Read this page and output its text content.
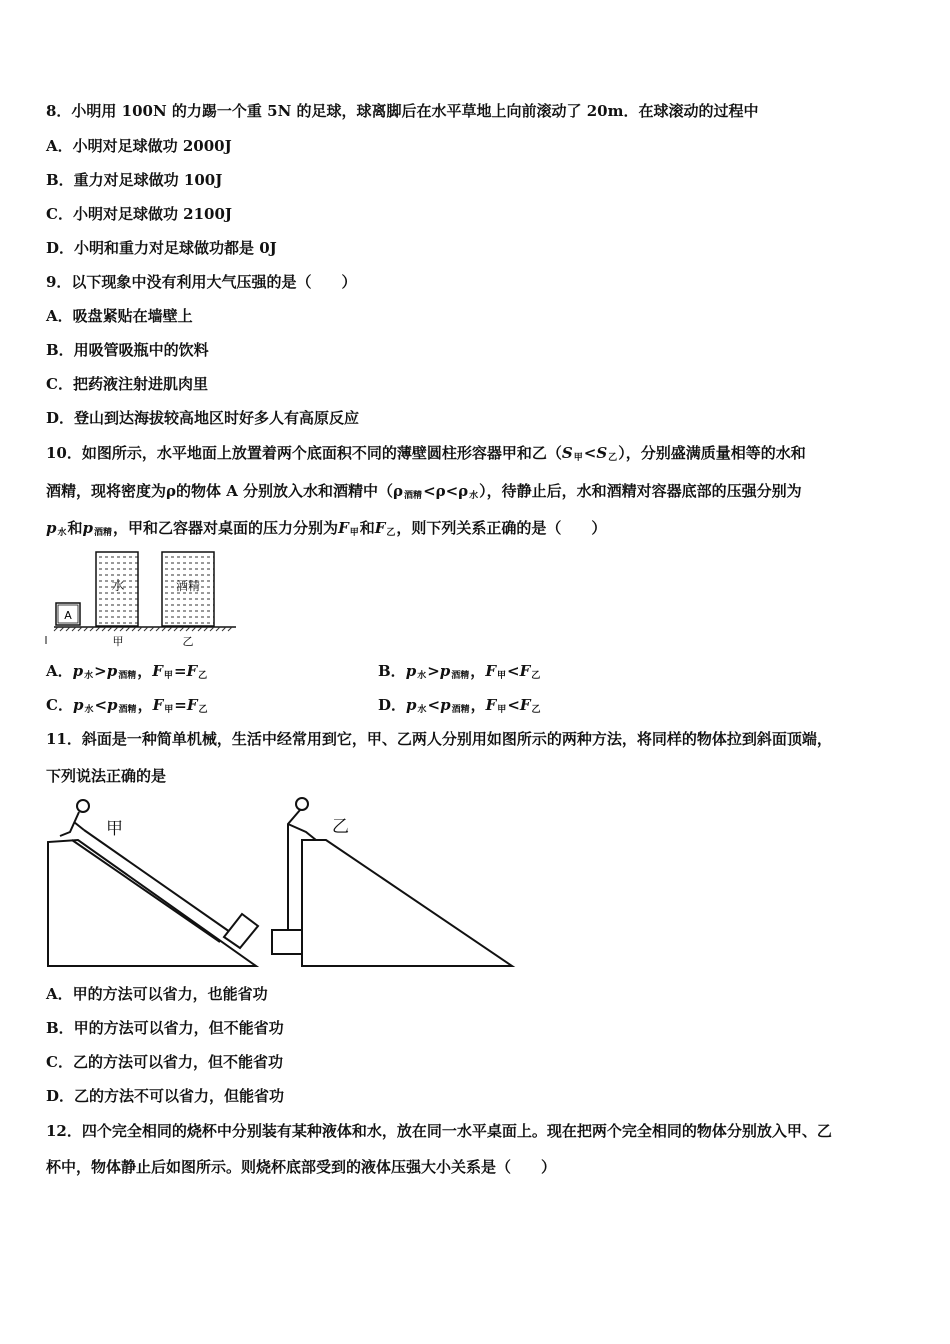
8．小明用 100N 的力踢一个重 5N 的足球，球离脚后在水平草地上向前滚动了 20m．在球滚动的过程中
A．小明对足球做功 2000J
B．重力对足球做功 100J
C．小明对足球做功 2100J
D．小明和重力对足球做功都是 0J
9．以下现象中没有利用大气压强的是（　　）
A．吸盘紧贴在墙壁上
B．用吸管吸瓶中的饮料
C．把药液注射进肌肉里
D．登山到达海拔较高地区时好多人有高原反应
10．如图所示，水平地面上放置着两个底面积不同的薄壁圆柱形容器甲和乙$(S_甲<S_乙)$，分别盛满质量相等的水和
酒精，现将密度为ρ的物体 A 分别放入水和酒精中$(\rho_{酒精}<\rho<\rho_水)$，待静止后，水和酒精对容器底部的压强分别为
$p_水$和$p_{酒精}$，甲和乙容器对桌面的压力分别为$F_甲$和$F_乙$，则下列关系正确的是（　　）
A
水	酒精
甲	乙
A．$p_水>p_{酒精}$，$F_甲=F_乙$	B．$p_水>p_{酒精}$，$F_甲<F_乙$
C．$p_水<p_{酒精}$，$F_甲=F_乙$	D．$p_水<p_{酒精}$，$F_甲<F_乙$
11．斜面是一种简单机械，生活中经常用到它，甲、乙两人分别用如图所示的两种方法，将同样的物体拉到斜面顶端，
下列说法正确的是
甲	乙
A．甲的方法可以省力，也能省功
B．甲的方法可以省力，但不能省功
C．乙的方法可以省力，但不能省功
D．乙的方法不可以省力，但能省功
12．四个完全相同的烧杯中分别装有某种液体和水，放在同一水平桌面上。现在把两个完全相同的物体分别放入甲、乙
杯中，物体静止后如图所示。则烧杯底部受到的液体压强大小关系是（　　）
